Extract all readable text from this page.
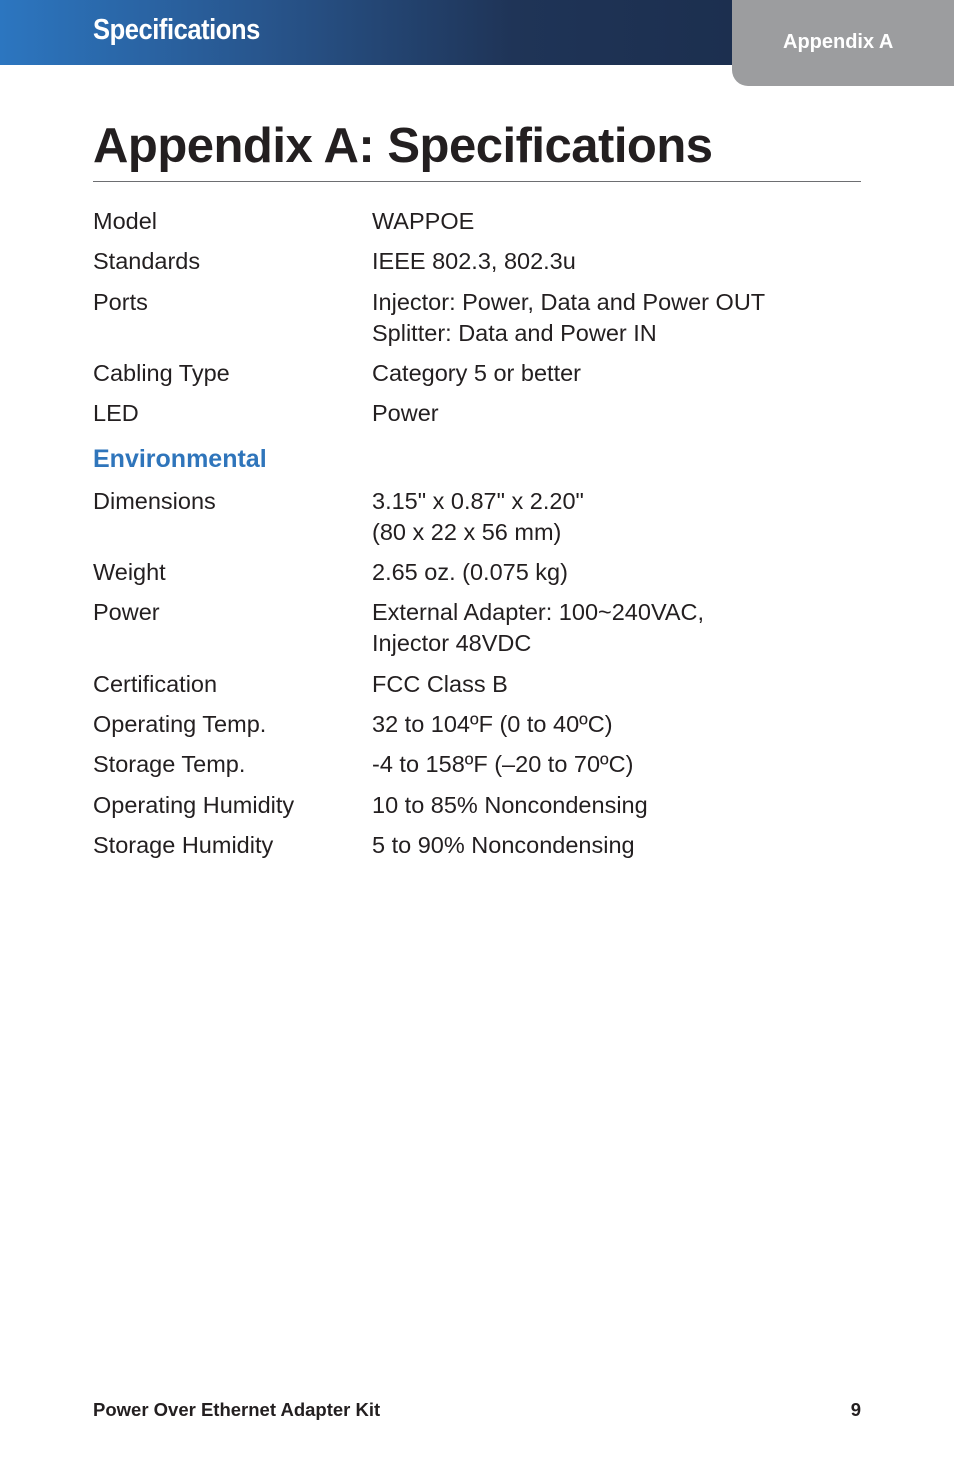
Specifications	Appendix A
Appendix A: Specifications
Model	WAPPOE
Standards	IEEE 802.3, 802.3u
Ports	Injector: Power, Data and Power OUT
Splitter: Data and Power IN
Cabling Type	Category 5 or better
LED	Power
Environmental
Dimensions	3.15" x 0.87" x 2.20"
(80 x 22 x 56 mm)
Weight	2.65 oz. (0.075 kg)
Power	External Adapter: 100~240VAC,
Injector 48VDC
Certiﬁcation	FCC Class B
Operating Temp.	32 to 104ºF (0 to 40ºC)
Storage Temp.	-4 to 158ºF (–20 to 70ºC)
Operating Humidity	10 to 85% Noncondensing
Storage Humidity	5 to 90% Noncondensing
Power Over Ethernet Adapter Kit	9
